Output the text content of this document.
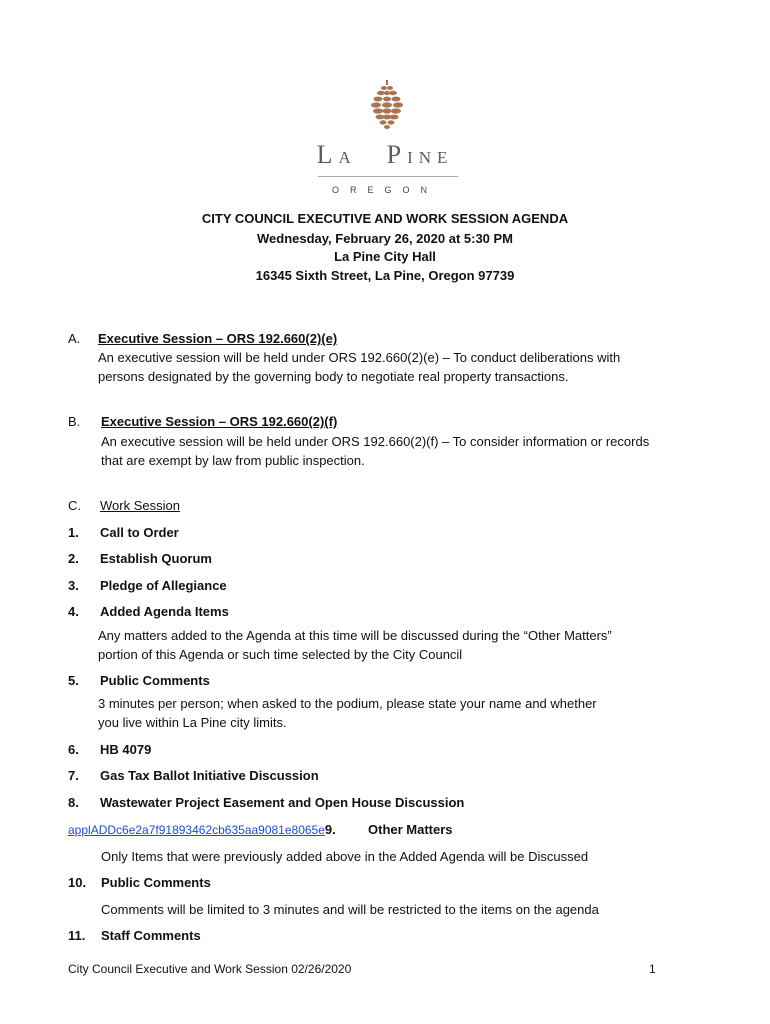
LA PINE
OREGON
CITY COUNCIL EXECUTIVE AND WORK SESSION AGENDA
Wednesday, February 26, 2020 at 5:30 PM
La Pine City Hall
16345 Sixth Street, La Pine, Oregon 97739
A. Executive Session – ORS 192.660(2)(e)
An executive session will be held under ORS 192.660(2)(e) – To conduct deliberations with
persons designated by the governing body to negotiate real property transactions.
B. Executive Session – ORS 192.660(2)(f)
An executive session will be held under ORS 192.660(2)(f) – To consider information or records
that are exempt by law from public inspection.
C. Work Session
1. Call to Order
2. Establish Quorum
3. Pledge of Allegiance
4. Added Agenda Items
Any matters added to the Agenda at this time will be discussed during the “Other Matters”
portion of this Agenda or such time selected by the City Council
5. Public Comments
3 minutes per person; when asked to the podium, please state your name and whether
you live within La Pine city limits.
6. HB 4079
7. Gas Tax Ballot Initiative Discussion
8. Wastewater Project Easement and Open House Discussion
applADDc6e2a7f91893462cb635aa9081e8065e9. Other Matters
Only Items that were previously added above in the Added Agenda will be Discussed
10. Public Comments
Comments will be limited to 3 minutes and will be restricted to the items on the agenda
11. Staff Comments
City Council Executive and Work Session 02/26/2020	1
